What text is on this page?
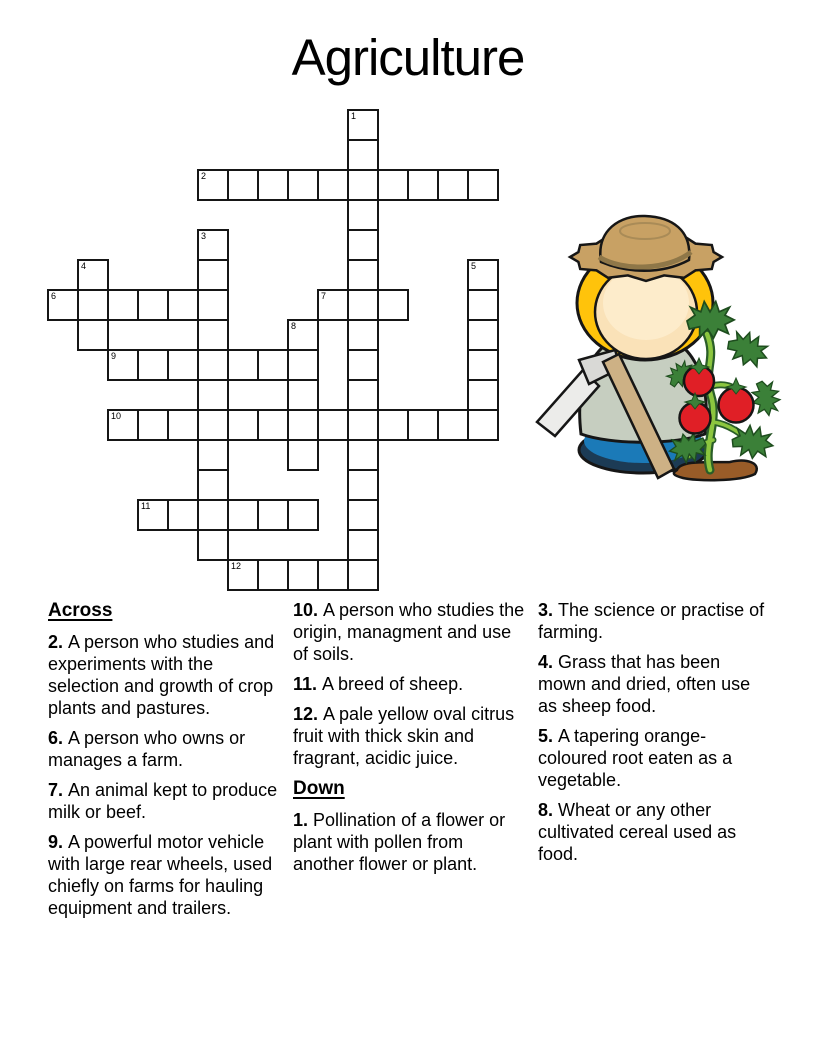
Agriculture
1
2
3
4	5
6	7
8
9
10
11
12
Across

2. A person who studies and experiments with the selection and growth of crop plants and pastures.

6. A person who owns or manages a farm.

7. An animal kept to produce milk or beef.

9. A powerful motor vehicle with large rear wheels, used chiefly on farms for hauling equipment and trailers.

10. A person who studies the origin, managment and use of soils.

11. A breed of sheep.

12. A pale yellow oval citrus fruit with thick skin and fragrant, acidic juice.

Down

1. Pollination of a flower or plant with pollen from another flower or plant.

3. The science or practise of farming.

4. Grass that has been mown and dried, often use as sheep food.

5. A tapering orange-coloured root eaten as a vegetable.

8. Wheat or any other cultivated cereal used as food.
